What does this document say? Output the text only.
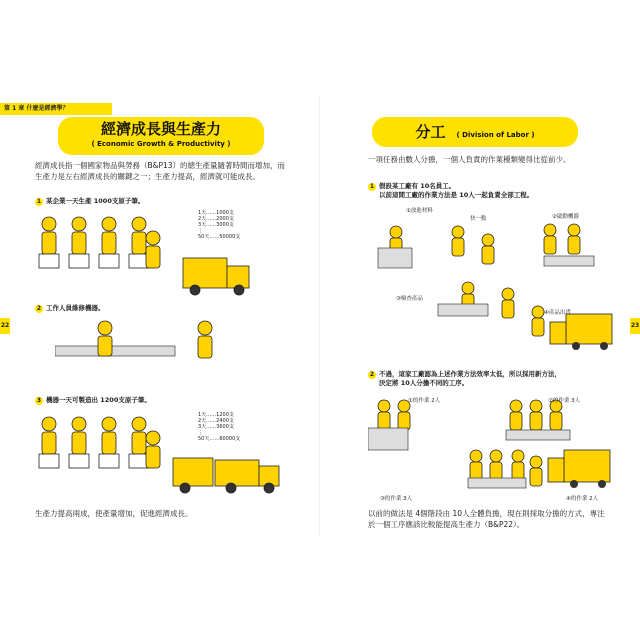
第 1 章 什麼是經濟學？
22
經濟成長與生產力
( Economic Growth & Productivity )
經濟成長指一個國家物品與勞務（B&P13）的總生產量隨著時間而增加，而
生產力是左右經濟成長的關鍵之一；生產力提高，經濟就可能成長。
1 某企業一天生產 1000支原子筆。
1天……1000支
2天……2000支
3天……3000支
⋮
50天……50000支
2 工作人員維修機器。
3 機器一天可製造出 1200支原子筆。
1天……1200支
2天……2400支
3天……3600支
⋮
50天……60000支
生產力提高兩成，使產量增加，促進經濟成長。
23
分工 ( Division of Labor )
一項任務由數人分擔，一個人負責的作業種類變得比從前少。
1 假設某工廠有 10名員工。
以前這間工廠的作業方法是 10人一起負責全部工程。
①放進材料
快一點	②啟動機器
③檢查產品
④產品出貨
2 不過，這家工廠認為上述作業方法效率太低，所以採用新方法，
決定將 10人分擔不同的工序。
①的作業 2人	②的作業 3人
③的作業 3人	④的作業 2人
以前的做法是 4個階段由 10人全體負擔，現在則採取分擔的方式，專注
於一個工序應該比較能提高生產力（B&P22）。
